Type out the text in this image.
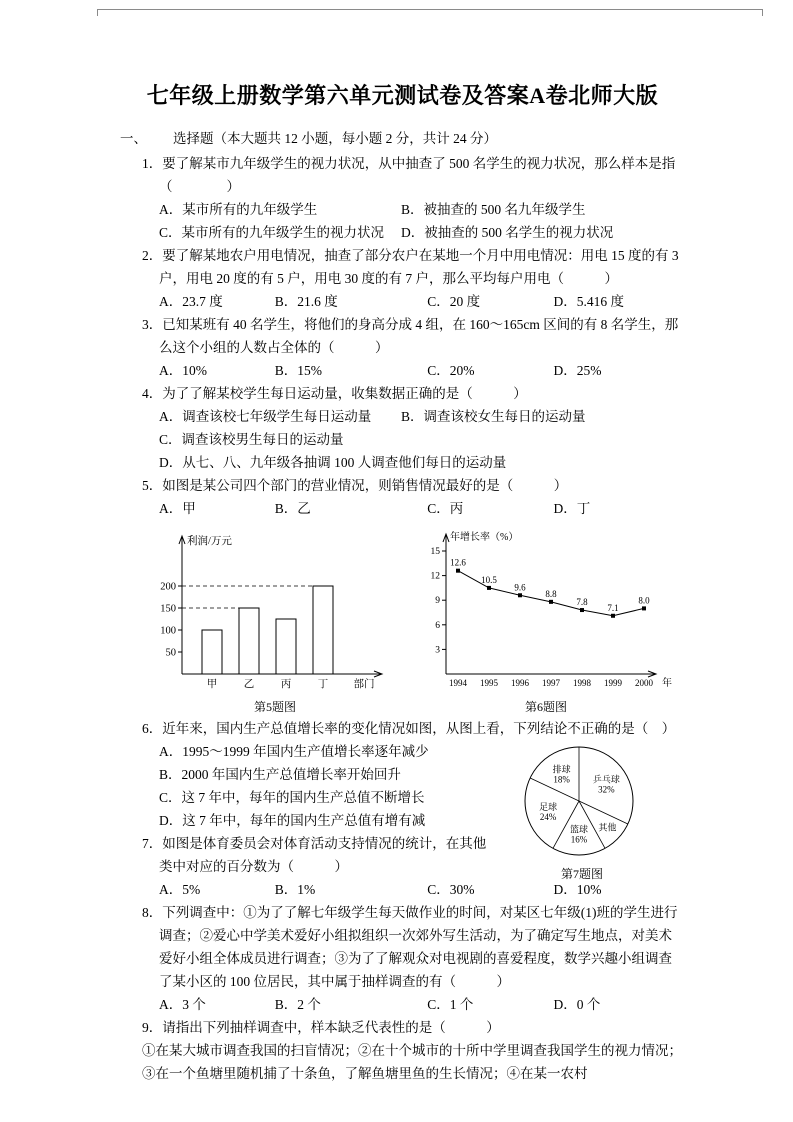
七年级上册数学第六单元测试卷及答案A卷北师大版
一、 选择题（本大题共 12 小题，每小题 2 分，共计 24 分）
1．要了解某市九年级学生的视力状况，从中抽查了 500 名学生的视力状况，那么样本是指（　　　　）
A．某市所有的九年级学生	B．被抽查的 500 名九年级学生
C．某市所有的九年级学生的视力状况	D．被抽查的 500 名学生的视力状况
2．要了解某地农户用电情况，抽查了部分农户在某地一个月中用电情况：用电 15 度的有 3 户，用电 20 度的有 5 户，用电 30 度的有 7 户，那么平均每户用电（　　　）
A．23.7 度	B．21.6 度	C．20 度	D．5.416 度
3．已知某班有 40 名学生，将他们的身高分成 4 组，在 160～165cm 区间的有 8 名学生，那么这个小组的人数占全体的（　　　）
A．10%	B．15%	C．20%	D．25%
4．为了了解某校学生每日运动量，收集数据正确的是（　　　）
A．调查该校七年级学生每日运动量	B．调查该校女生每日的运动量
C．调查该校男生每日的运动量
D．从七、八、九年级各抽调 100 人调查他们每日的运动量
5．如图是某公司四个部门的营业情况，则销售情况最好的是（　　　）
A．甲	B．乙	C．丙	D．丁
利润/万元
50
100
150
200
甲	乙	丙	丁 部门
第5题图
年增长率（%）
3
6
9
12
15
12.6
1994
10.5
1995
9.6
1996
8.8
1997
7.8
1998
7.1
1999
8.0
2000 年
第6题图
6．近年来，国内生产总值增长率的变化情况如图，从图上看，下列结论不正确的是（　）
A．1995～1999 年国内生产值增长率逐年减少
B．2000 年国内生产总值增长率开始回升
C．这 7 年中，每年的国内生产总值不断增长
D．这 7 年中，每年的国内生产总值有增有减
乒乓球
32%
其他
篮球
16%
足球
24%
排球
18%
第7题图
7．如图是体育委员会对体育活动支持情况的统计，在其他类中对应的百分数为（　　　）
A．5%	B．1%	C．30%	D．10%
8．下列调查中：①为了了解七年级学生每天做作业的时间，对某区七年级(1)班的学生进行调查；②爱心中学美术爱好小组拟组织一次郊外写生活动，为了确定写生地点，对美术爱好小组全体成员进行调查；③为了了解观众对电视剧的喜爱程度，数学兴趣小组调查了某小区的 100 位居民，其中属于抽样调查的有（　　　）
A．3 个	B．2 个	C．1 个	D．0 个
9．请指出下列抽样调查中，样本缺乏代表性的是（　　　）
①在某大城市调查我国的扫盲情况；②在十个城市的十所中学里调查我国学生的视力情况；③在一个鱼塘里随机捕了十条鱼，了解鱼塘里鱼的生长情况；④在某一农村
